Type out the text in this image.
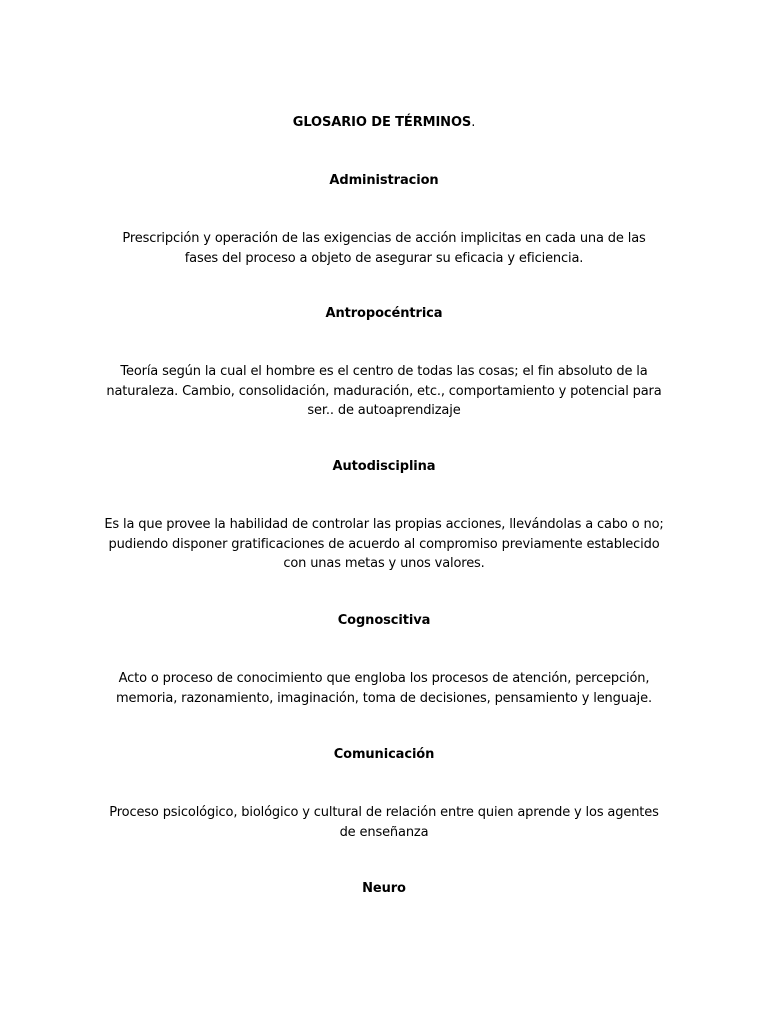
GLOSARIO DE TÉRMINOS.
Administracion

Prescripción y operación de las exigencias de acción implicitas en cada una de las fases del proceso a objeto de asegurar su eficacia y eficiencia.

Antropocéntrica

Teoría según la cual el hombre es el centro de todas las cosas; el fin absoluto de la naturaleza. Cambio, consolidación, maduración, etc., comportamiento y potencial para ser.. de autoaprendizaje

Autodisciplina

Es la que provee la habilidad de controlar las propias acciones, llevándolas a cabo o no; pudiendo disponer gratificaciones de acuerdo al compromiso previamente establecido con unas metas y unos valores.

Cognoscitiva

Acto o proceso de conocimiento que engloba los procesos de atención, percepción, memoria, razonamiento, imaginación, toma de decisiones, pensamiento y lenguaje.

Comunicación

Proceso psicológico, biológico y cultural de relación entre quien aprende y los agentes de enseñanza

Neuro
